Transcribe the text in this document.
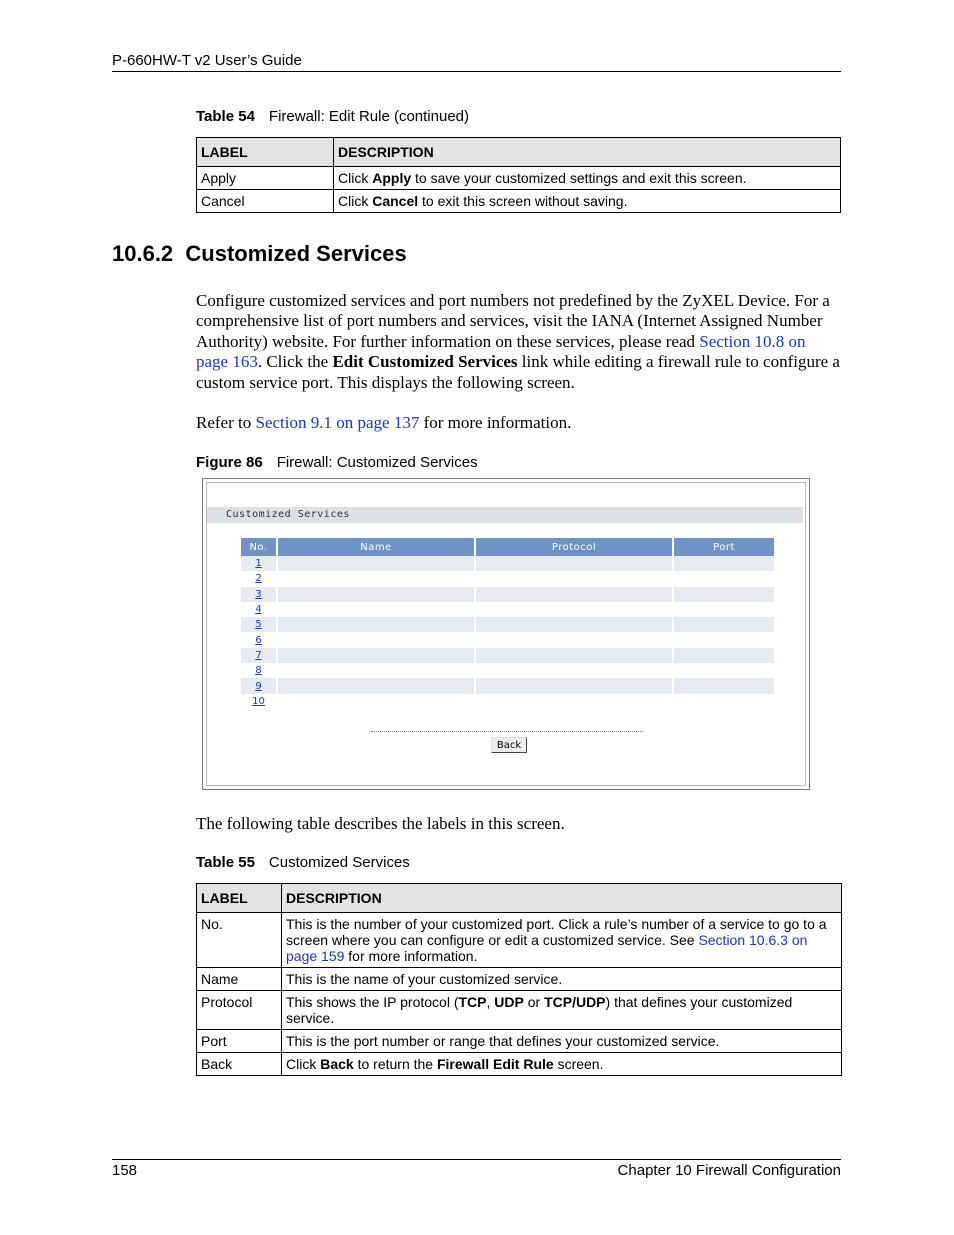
P-660HW-T v2 User’s Guide
Table 54 Firewall: Edit Rule (continued)
LABEL	DESCRIPTION
Apply	Click Apply to save your customized settings and exit this screen.
Cancel	Click Cancel to exit this screen without saving.
10.6.2  Customized Services
Configure customized services and port numbers not predefined by the ZyXEL Device. For a comprehensive list of port numbers and services, visit the IANA (Internet Assigned Number Authority) website. For further information on these services, please read Section 10.8 on page 163. Click the Edit Customized Services link while editing a firewall rule to configure a custom service port. This displays the following screen.
Refer to Section 9.1 on page 137 for more information.
Figure 86 Firewall: Customized Services
Customized Services
No.	Name	Protocol	Port
1			
2			
3			
4			
5			
6			
7			
8			
9			
10			
Back
The following table describes the labels in this screen.
Table 55 Customized Services
LABEL	DESCRIPTION
No.	This is the number of your customized port. Click a rule’s number of a service to go to a screen where you can configure or edit a customized service. See Section 10.6.3 on page 159 for more information.
Name	This is the name of your customized service.
Protocol	This shows the IP protocol (TCP, UDP or TCP/UDP) that defines your customized service.
Port	This is the port number or range that defines your customized service.
Back	Click Back to return the Firewall Edit Rule screen.
158	Chapter 10 Firewall Configuration
